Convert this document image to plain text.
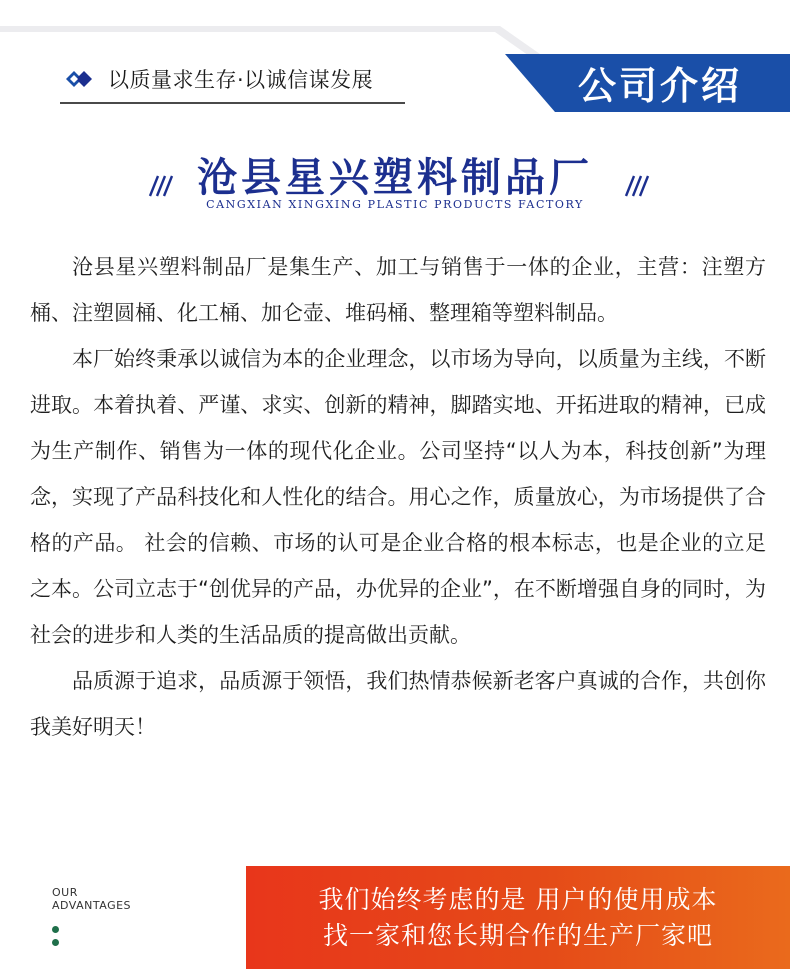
以质量求生存·以诚信谋发展	公司介绍
沧县星兴塑料制品厂
CANGXIAN XINGXING PLASTIC PRODUCTS FACTORY

沧县星兴塑料制品厂是集生产、加工与销售于一体的企业，主营：注塑方桶、注塑圆桶、化工桶、加仑壶、堆码桶、整理箱等塑料制品。

本厂始终秉承以诚信为本的企业理念，以市场为导向，以质量为主线，不断进取。本着执着、严谨、求实、创新的精神，脚踏实地、开拓进取的精神，已成为生产制作、销售为一体的现代化企业。公司坚持“以人为本，科技创新”为理念，实现了产品科技化和人性化的结合。用心之作，质量放心，为市场提供了合格的产品。 社会的信赖、市场的认可是企业合格的根本标志，也是企业的立足之本。公司立志于“创优异的产品，办优异的企业”，在不断增强自身的同时，为社会的进步和人类的生活品质的提高做出贡献。

品质源于追求，品质源于领悟，我们热情恭候新老客户真诚的合作，共创你我美好明天！

OUR
ADVANTAGES	我们始终考虑的是 用户的使用成本
找一家和您长期合作的生产厂家吧
